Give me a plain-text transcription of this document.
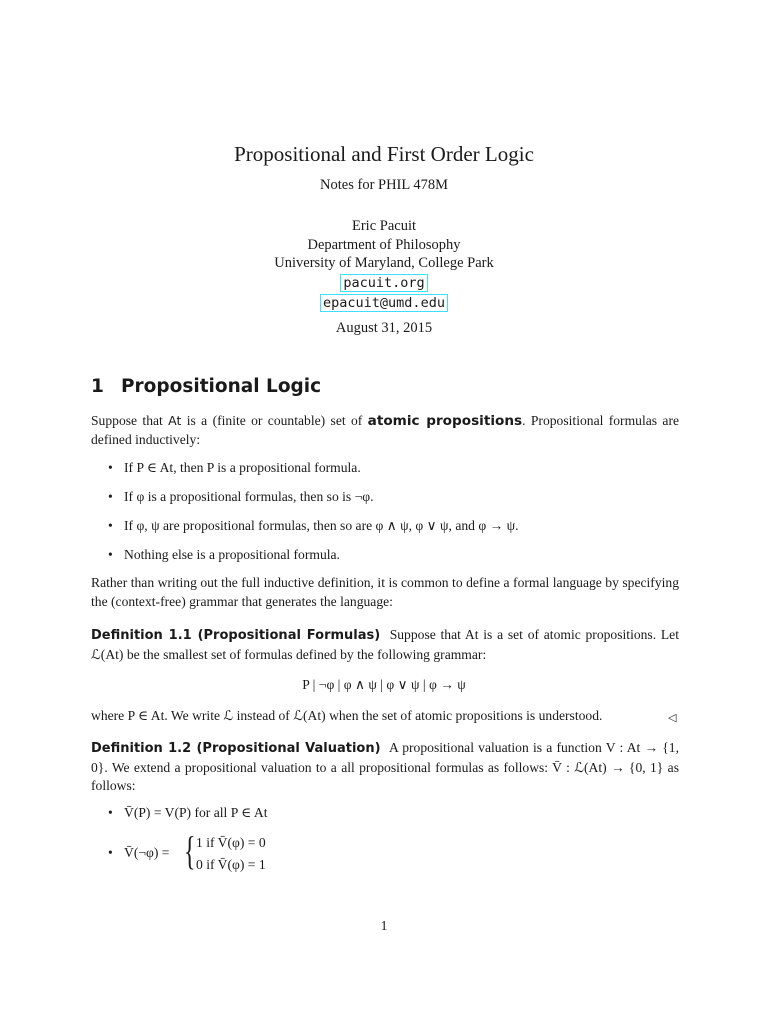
Propositional and First Order Logic
Notes for PHIL 478M
Eric Pacuit
Department of Philosophy
University of Maryland, College Park
pacuit.org
epacuit@umd.edu
August 31, 2015
1 Propositional Logic
Suppose that At is a (finite or countable) set of atomic propositions. Propositional formulas are defined inductively:
• If P ∈ At, then P is a propositional formula.
• If φ is a propositional formulas, then so is ¬φ.
• If φ, ψ are propositional formulas, then so are φ ∧ ψ, φ ∨ ψ, and φ → ψ.
• Nothing else is a propositional formula.
Rather than writing out the full inductive definition, it is common to define a formal language by specifying the (context-free) grammar that generates the language:
Definition 1.1 (Propositional Formulas) Suppose that At is a set of atomic propositions. Let ℒ(At) be the smallest set of formulas defined by the following grammar:
P | ¬φ | φ ∧ ψ | φ ∨ ψ | φ → ψ
where P ∈ At. We write ℒ instead of ℒ(At) when the set of atomic propositions is understood.	◁
Definition 1.2 (Propositional Valuation) A propositional valuation is a function V : At → {1, 0}. We extend a propositional valuation to a all propositional formulas as follows: V̄ : ℒ(At) → {0, 1} as follows:
• V̄(P) = V(P) for all P ∈ At
• V̄(¬φ) = { 1 if V̄(φ) = 0
0 if V̄(φ) = 1
1
